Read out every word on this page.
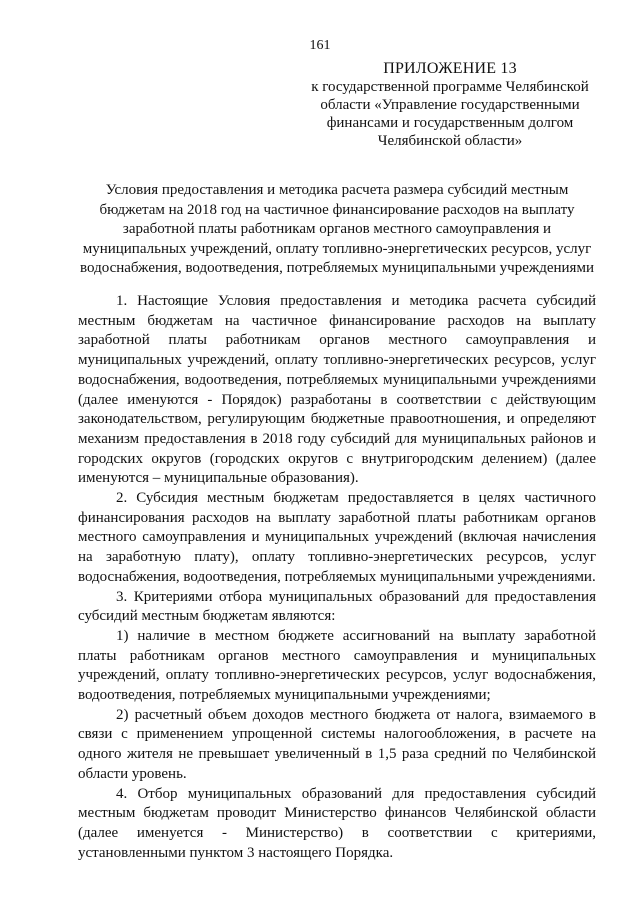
161
ПРИЛОЖЕНИЕ 13
к государственной программе Челябинской
области «Управление государственными
финансами и государственным долгом
Челябинской области»
Условия предоставления и методика расчета размера субсидий местным бюджетам на 2018 год на частичное финансирование расходов на выплату заработной платы работникам органов местного самоуправления и муниципальных учреждений, оплату топливно-энергетических ресурсов, услуг водоснабжения, водоотведения, потребляемых муниципальными учреждениями

1. Настоящие Условия предоставления и методика расчета субсидий местным бюджетам на частичное финансирование расходов на выплату заработной платы работникам органов местного самоуправления и муниципальных учреждений, оплату топливно-энергетических ресурсов, услуг водоснабжения, водоотведения, потребляемых муниципальными учреждениями (далее именуются - Порядок) разработаны в соответствии с действующим законодательством, регулирующим бюджетные правоотношения, и определяют механизм предоставления в 2018 году субсидий для муниципальных районов и городских округов (городских округов с внутригородским делением) (далее именуются – муниципальные образования).

2. Субсидия местным бюджетам предоставляется в целях частичного финансирования расходов на выплату заработной платы работникам органов местного самоуправления и муниципальных учреждений (включая начисления на заработную плату), оплату топливно-энергетических ресурсов, услуг водоснабжения, водоотведения, потребляемых муниципальными учреждениями.

3. Критериями отбора муниципальных образований для предоставления субсидий местным бюджетам являются:

1) наличие в местном бюджете ассигнований на выплату заработной платы работникам органов местного самоуправления и муниципальных учреждений, оплату топливно-энергетических ресурсов, услуг водоснабжения, водоотведения, потребляемых муниципальными учреждениями;

2) расчетный объем доходов местного бюджета от налога, взимаемого в связи с применением упрощенной системы налогообложения, в расчете на одного жителя не превышает увеличенный в 1,5 раза средний по Челябинской области уровень.

4. Отбор муниципальных образований для предоставления субсидий местным бюджетам проводит Министерство финансов Челябинской области (далее именуется - Министерство) в соответствии с критериями, установленными пунктом 3 настоящего Порядка.
